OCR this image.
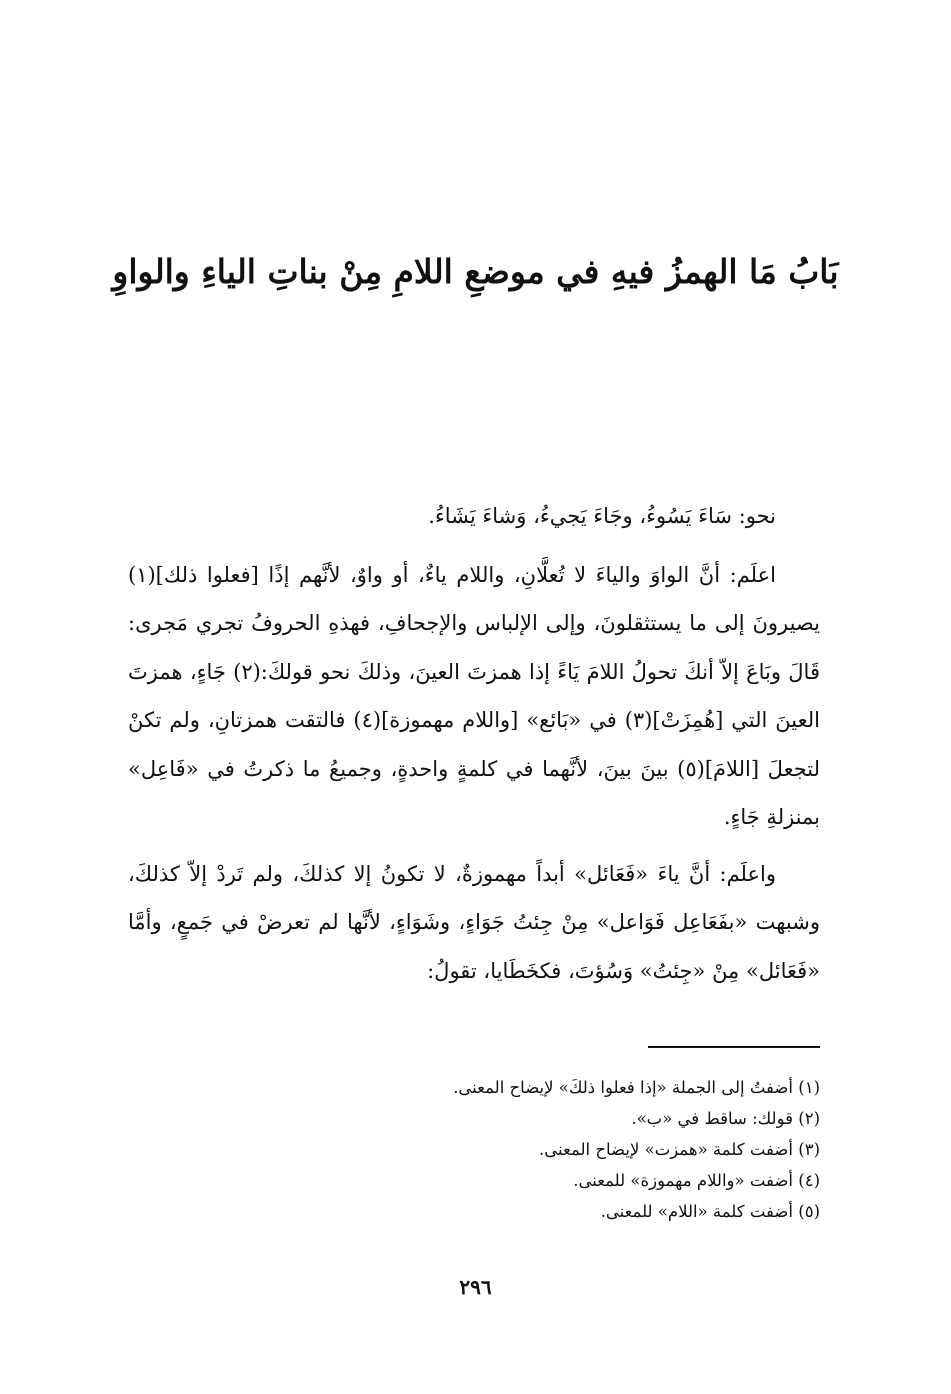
بَابُ مَا الهمزُ فيهِ في موضعِ اللامِ مِنْ بناتِ الياءِ والواوِ

نحو: سَاءَ يَسُوءُ، وجَاءَ يَجيءُ، وَشاءَ يَشَاءُ.

اعلَم: أنَّ الواوَ والياءَ لا تُعلَّانِ، واللام ياءٌ، أو واوٌ، لأنَّهم إذًا [فعلوا ذلك](١) يصيرونَ إلى ما يستثقلونَ، وإلى الإلباس والإجحافِ، فهذهِ الحروفُ تجري مَجرى: قَالَ وبَاعَ إلاّ أنكَ تحولُ اللامَ يَاءً إذا همزتَ العينَ، وذلكَ نحو قولكَ:(٢) جَاءٍ، همزتَ العينَ التي [هُمِزَتْ](٣) في «بَائع» [واللام مهموزة](٤) فالتقت همزتانِ، ولم تكنْ لتجعلَ [اللامَ](٥) بينَ بينَ، لأنَّهما في كلمةٍ واحدةٍ، وجميعُ ما ذكرتُ في «فَاعِل» بمنزلةِ جَاءٍ.

واعلَم: أنَّ ياءَ «فَعَائل» أبداً مهموزةٌ، لا تكونُ إلا كذلكَ، ولم تَردْ إلاّ كذلكَ، وشبهت «بفَعَاعِل فَوَاعل» مِنْ جِئتُ جَوَاءٍ، وشَوَاءٍ، لأنَّها لم تعرضْ في جَمعٍ، وأمَّا «فَعَائل» مِنْ «جِئتُ» وَسُؤتَ، فكخَطَايا، تقولُ:

(١) أضفتُ إلى الجملة «إذا فعلوا ذلكَ» لإيضاح المعنى.
(٢) قولك: ساقط في «ب».
(٣) أضفت كلمة «همزت» لإيضاح المعنى.
(٤) أضفت «واللام مهموزة» للمعنى.
(٥) أضفت كلمة «اللام» للمعنى.
٢٩٦
